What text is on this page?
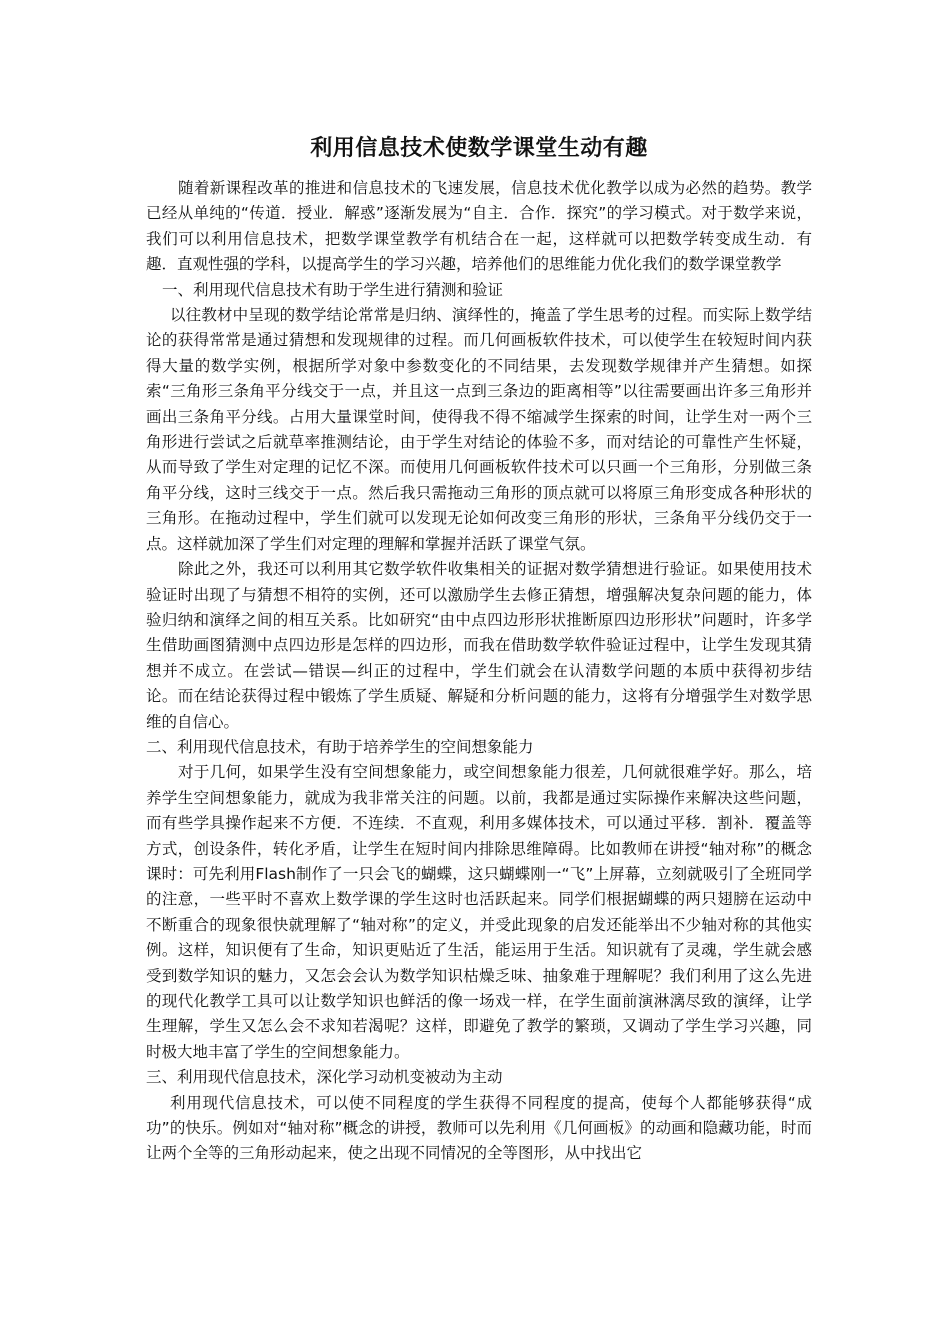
利用信息技术使数学课堂生动有趣

随着新课程改革的推进和信息技术的飞速发展，信息技术优化教学以成为必然的趋势。教学已经从单纯的“传道．授业．解惑”逐渐发展为“自主．合作．探究”的学习模式。对于数学来说，我们可以利用信息技术，把数学课堂教学有机结合在一起，这样就可以把数学转变成生动．有趣．直观性强的学科，以提高学生的学习兴趣，培养他们的思维能力优化我们的数学课堂教学

一、利用现代信息技术有助于学生进行猜测和验证

以往教材中呈现的数学结论常常是归纳、演绎性的，掩盖了学生思考的过程。而实际上数学结论的获得常常是通过猜想和发现规律的过程。而几何画板软件技术，可以使学生在较短时间内获得大量的数学实例，根据所学对象中参数变化的不同结果，去发现数学规律并产生猜想。如探索“三角形三条角平分线交于一点，并且这一点到三条边的距离相等”以往需要画出许多三角形并画出三条角平分线。占用大量课堂时间，使得我不得不缩减学生探索的时间，让学生对一两个三角形进行尝试之后就草率推测结论，由于学生对结论的体验不多，而对结论的可靠性产生怀疑，从而导致了学生对定理的记忆不深。而使用几何画板软件技术可以只画一个三角形，分别做三条角平分线，这时三线交于一点。然后我只需拖动三角形的顶点就可以将原三角形变成各种形状的三角形。在拖动过程中，学生们就可以发现无论如何改变三角形的形状，三条角平分线仍交于一点。这样就加深了学生们对定理的理解和掌握并活跃了课堂气氛。

除此之外，我还可以利用其它数学软件收集相关的证据对数学猜想进行验证。如果使用技术验证时出现了与猜想不相符的实例，还可以激励学生去修正猜想，增强解决复杂问题的能力，体验归纳和演绎之间的相互关系。比如研究“由中点四边形形状推断原四边形形状”问题时，许多学生借助画图猜测中点四边形是怎样的四边形，而我在借助数学软件验证过程中，让学生发现其猜想并不成立。在尝试—错误—纠正的过程中，学生们就会在认清数学问题的本质中获得初步结论。而在结论获得过程中锻炼了学生质疑、解疑和分析问题的能力，这将有分增强学生对数学思维的自信心。

二、利用现代信息技术，有助于培养学生的空间想象能力

对于几何，如果学生没有空间想象能力，或空间想象能力很差，几何就很难学好。那么，培养学生空间想象能力，就成为我非常关注的问题。以前，我都是通过实际操作来解决这些问题，而有些学具操作起来不方便．不连续．不直观，利用多媒体技术，可以通过平移．割补．覆盖等方式，创设条件，转化矛盾，让学生在短时间内排除思维障碍。比如教师在讲授“轴对称”的概念课时：可先利用Flash制作了一只会飞的蝴蝶，这只蝴蝶刚一“飞”上屏幕，立刻就吸引了全班同学的注意，一些平时不喜欢上数学课的学生这时也活跃起来。同学们根据蝴蝶的两只翅膀在运动中不断重合的现象很快就理解了“轴对称”的定义，并受此现象的启发还能举出不少轴对称的其他实例。这样，知识便有了生命，知识更贴近了生活，能运用于生活。知识就有了灵魂，学生就会感受到数学知识的魅力，又怎会会认为数学知识枯燥乏味、抽象难于理解呢？我们利用了这么先进的现代化教学工具可以让数学知识也鲜活的像一场戏一样，在学生面前演淋漓尽致的演绎，让学生理解，学生又怎么会不求知若渴呢？这样，即避免了教学的繁琐，又调动了学生学习兴趣，同时极大地丰富了学生的空间想象能力。

三、利用现代信息技术，深化学习动机变被动为主动

利用现代信息技术，可以使不同程度的学生获得不同程度的提高，使每个人都能够获得“成功”的快乐。例如对“轴对称”概念的讲授，教师可以先利用《几何画板》的动画和隐藏功能，时而让两个全等的三角形动起来，使之出现不同情况的全等图形，从中找出它
